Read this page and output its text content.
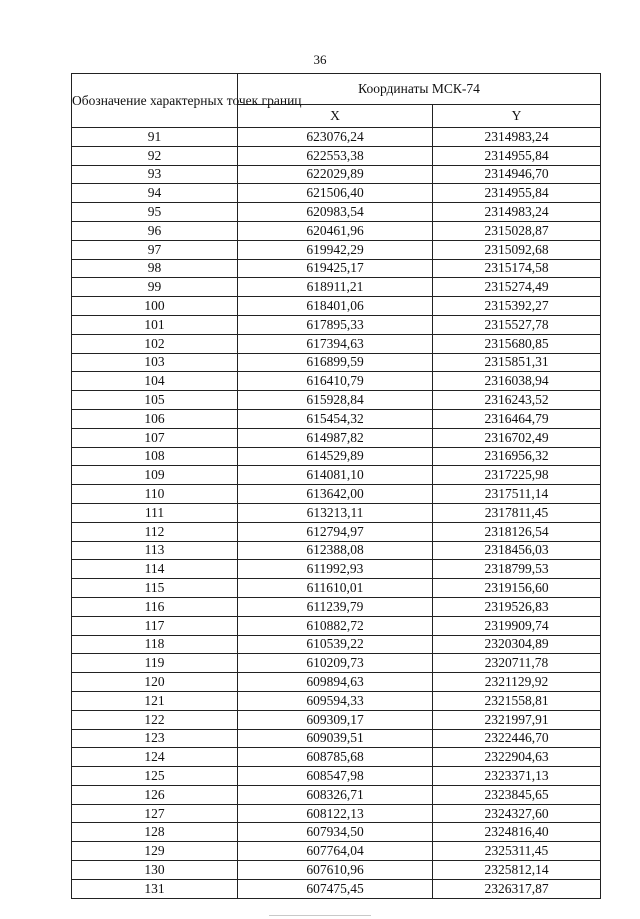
36
Обозначение характерных точек границ	Координаты МСК-74	
	X	Y
91	623076,24	2314983,24
92	622553,38	2314955,84
93	622029,89	2314946,70
94	621506,40	2314955,84
95	620983,54	2314983,24
96	620461,96	2315028,87
97	619942,29	2315092,68
98	619425,17	2315174,58
99	618911,21	2315274,49
100	618401,06	2315392,27
101	617895,33	2315527,78
102	617394,63	2315680,85
103	616899,59	2315851,31
104	616410,79	2316038,94
105	615928,84	2316243,52
106	615454,32	2316464,79
107	614987,82	2316702,49
108	614529,89	2316956,32
109	614081,10	2317225,98
110	613642,00	2317511,14
111	613213,11	2317811,45
112	612794,97	2318126,54
113	612388,08	2318456,03
114	611992,93	2318799,53
115	611610,01	2319156,60
116	611239,79	2319526,83
117	610882,72	2319909,74
118	610539,22	2320304,89
119	610209,73	2320711,78
120	609894,63	2321129,92
121	609594,33	2321558,81
122	609309,17	2321997,91
123	609039,51	2322446,70
124	608785,68	2322904,63
125	608547,98	2323371,13
126	608326,71	2323845,65
127	608122,13	2324327,60
128	607934,50	2324816,40
129	607764,04	2325311,45
130	607610,96	2325812,14
131	607475,45	2326317,87
